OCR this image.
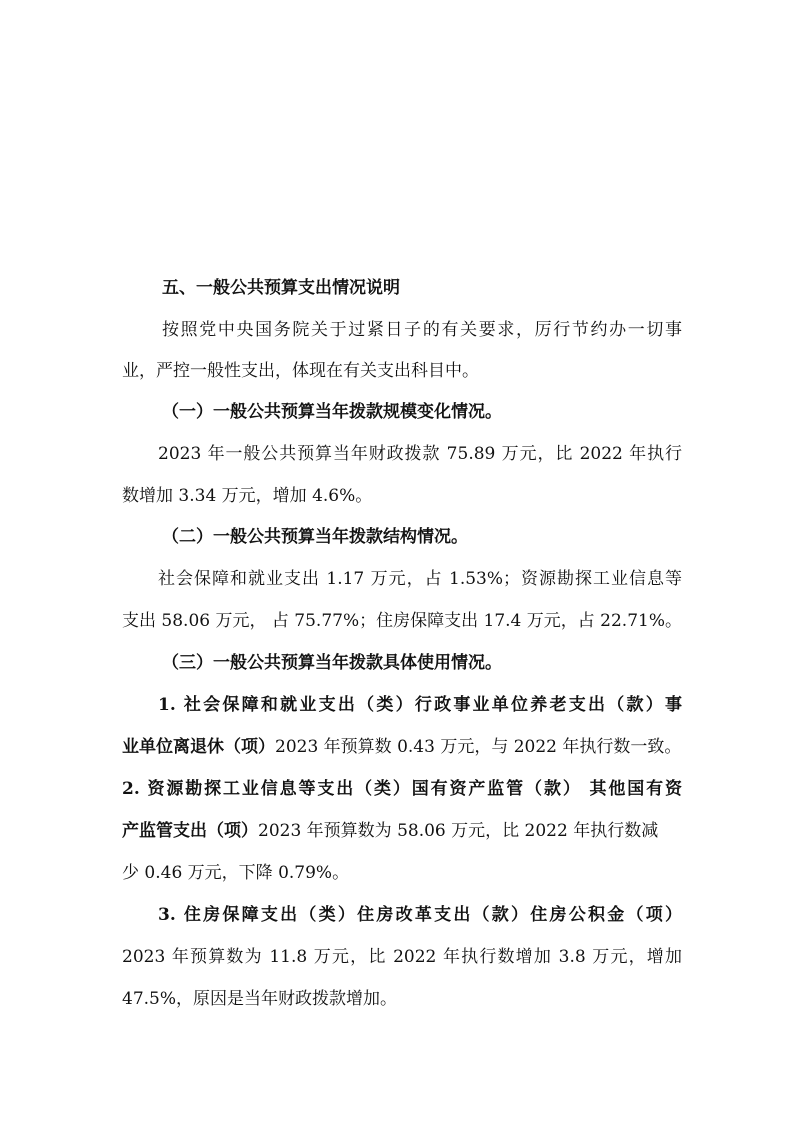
五、一般公共预算支出情况说明
按照党中央国务院关于过紧日子的有关要求，厉行节约办一切事
业，严控一般性支出，体现在有关支出科目中。
（一）一般公共预算当年拨款规模变化情况。
2023 年一般公共预算当年财政拨款 75.89 万元，比 2022 年执行
数增加 3.34 万元，增加 4.6%。
（二）一般公共预算当年拨款结构情况。
社会保障和就业支出 1.17 万元，占 1.53%；资源勘探工业信息等
支出 58.06 万元， 占 75.77%；住房保障支出 17.4 万元，占 22.71%。
（三）一般公共预算当年拨款具体使用情况。
1. 社会保障和就业支出（类）行政事业单位养老支出（款）事
业单位离退休（项）2023 年预算数 0.43 万元，与 2022 年执行数一致。
2. 资源勘探工业信息等支出（类）国有资产监管（款） 其他国有资
产监管支出（项）2023 年预算数为 58.06 万元，比 2022 年执行数减
少 0.46 万元，下降 0.79%。
3. 住房保障支出（类）住房改革支出（款）住房公积金（项）
2023 年预算数为 11.8 万元，比 2022 年执行数增加 3.8 万元，增加
47.5%，原因是当年财政拨款增加。
